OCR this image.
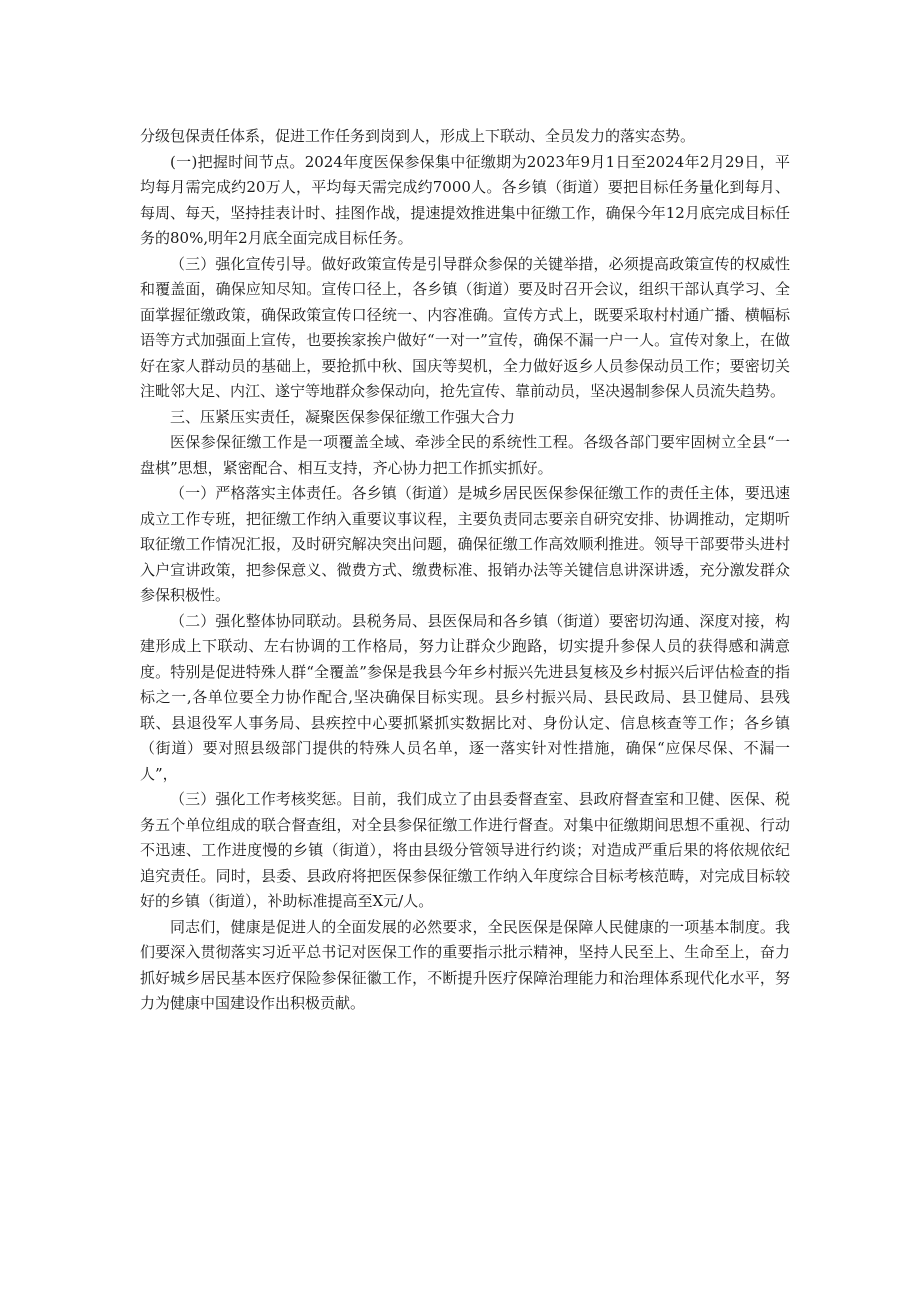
分级包保责任体系，促进工作任务到岗到人，形成上下联动、全员发力的落实态势。

(一)把握时间节点。2024年度医保参保集中征缴期为2023年9月1日至2024年2月29日，平均每月需完成约20万人，平均每天需完成约7000人。各乡镇（街道）要把目标任务量化到每月、每周、每天，坚持挂表计时、挂图作战，提速提效推进集中征缴工作，确保今年12月底完成目标任务的80%,明年2月底全面完成目标任务。

（三）强化宣传引导。做好政策宣传是引导群众参保的关键举措，必须提高政策宣传的权威性和覆盖面，确保应知尽知。宣传口径上，各乡镇（街道）要及时召开会议，组织干部认真学习、全面掌握征缴政策，确保政策宣传口径统一、内容准确。宣传方式上，既要采取村村通广播、横幅标语等方式加强面上宣传，也要挨家挨户做好“一对一”宣传，确保不漏一户一人。宣传对象上，在做好在家人群动员的基础上，要抢抓中秋、国庆等契机，全力做好返乡人员参保动员工作；要密切关注毗邻大足、内江、遂宁等地群众参保动向，抢先宣传、靠前动员，坚决遏制参保人员流失趋势。

三、压紧压实责任，凝聚医保参保征缴工作强大合力

医保参保征缴工作是一项覆盖全域、牵涉全民的系统性工程。各级各部门要牢固树立全县“一盘棋”思想，紧密配合、相互支持，齐心协力把工作抓实抓好。

（一）严格落实主体责任。各乡镇（街道）是城乡居民医保参保征缴工作的责任主体，要迅速成立工作专班，把征缴工作纳入重要议事议程，主要负责同志要亲自研究安排、协调推动，定期听取征缴工作情况汇报，及时研究解决突出问题，确保征缴工作高效顺利推进。领导干部要带头进村入户宣讲政策，把参保意义、微费方式、缴费标准、报销办法等关键信息讲深讲透，充分激发群众参保积极性。

（二）强化整体协同联动。县税务局、县医保局和各乡镇（街道）要密切沟通、深度对接，构建形成上下联动、左右协调的工作格局，努力让群众少跑路，切实提升参保人员的获得感和满意度。特别是促进特殊人群“全覆盖”参保是我县今年乡村振兴先进县复核及乡村振兴后评估检查的指标之一,各单位要全力协作配合,坚决确保目标实现。县乡村振兴局、县民政局、县卫健局、县残联、县退役军人事务局、县疾控中心要抓紧抓实数据比对、身份认定、信息核查等工作；各乡镇（街道）要对照县级部门提供的特殊人员名单，逐一落实针对性措施，确保“应保尽保、不漏一人”，

（三）强化工作考核奖惩。目前，我们成立了由县委督查室、县政府督查室和卫健、医保、税务五个单位组成的联合督查组，对全县参保征缴工作进行督查。对集中征缴期间思想不重视、行动不迅速、工作进度慢的乡镇（街道），将由县级分管领导进行约谈；对造成严重后果的将依规依纪追究责任。同时，县委、县政府将把医保参保征缴工作纳入年度综合目标考核范畴，对完成目标较好的乡镇（街道），补助标准提高至X元/人。

同志们，健康是促进人的全面发展的必然要求，全民医保是保障人民健康的一项基本制度。我们要深入贯彻落实习近平总书记对医保工作的重要指示批示精神，坚持人民至上、生命至上，奋力抓好城乡居民基本医疗保险参保征徽工作，不断提升医疗保障治理能力和治理体系现代化水平，努力为健康中国建设作出积极贡献。
